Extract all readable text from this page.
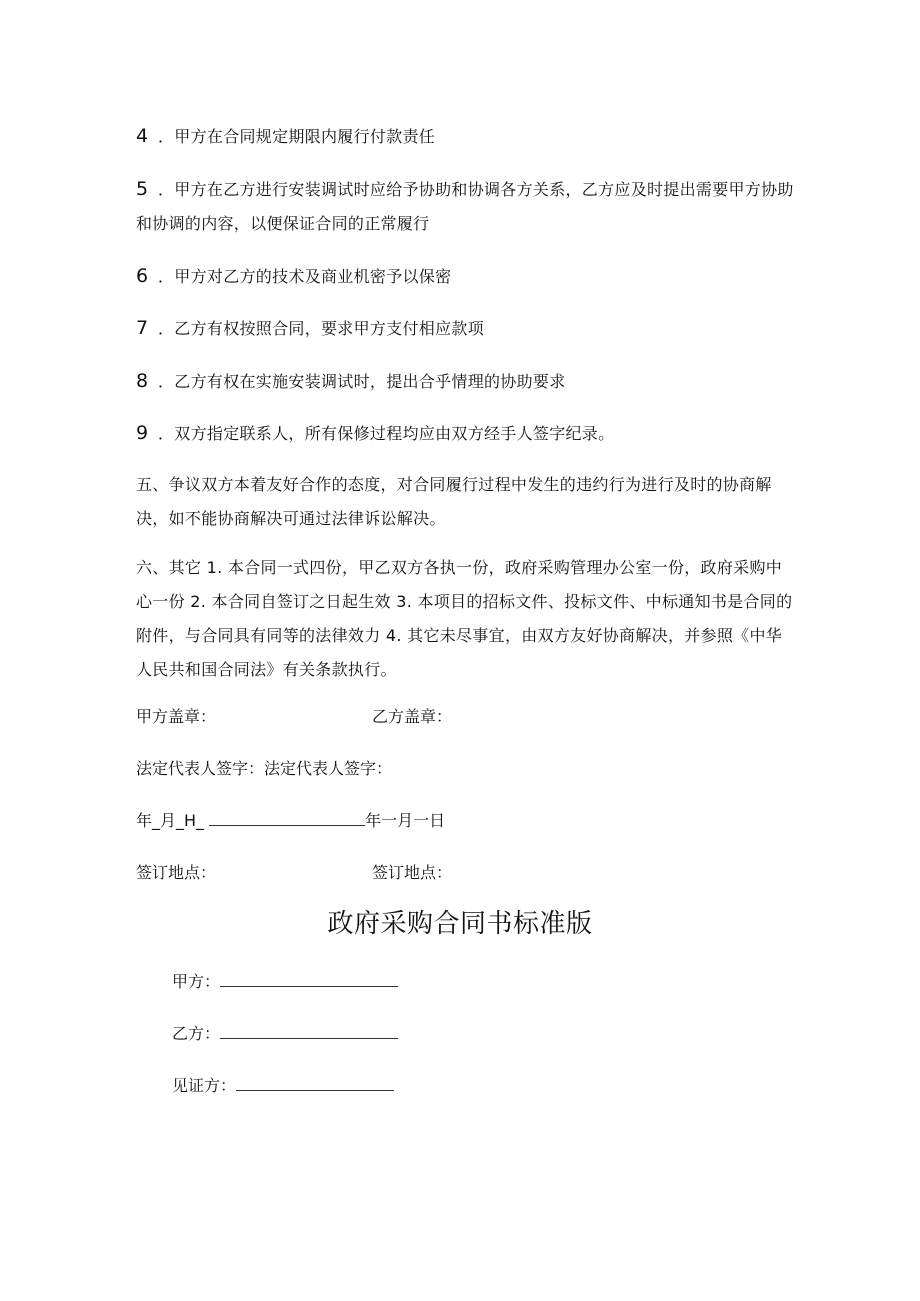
4 ．甲方在合同规定期限内履行付款责任
5 ．甲方在乙方进行安装调试时应给予协助和协调各方关系，乙方应及时提出需要甲方协助和协调的内容，以便保证合同的正常履行
6 ．甲方对乙方的技术及商业机密予以保密
7 ．乙方有权按照合同，要求甲方支付相应款项
8 ．乙方有权在实施安装调试时，提出合乎情理的协助要求
9 ．双方指定联系人，所有保修过程均应由双方经手人签字纪录。
五、争议双方本着友好合作的态度，对合同履行过程中发生的违约行为进行及时的协商解决，如不能协商解决可通过法律诉讼解决。
六、其它 1. 本合同一式四份，甲乙双方各执一份，政府采购管理办公室一份，政府采购中心一份 2. 本合同自签订之日起生效 3. 本项目的招标文件、投标文件、中标通知书是合同的附件，与合同具有同等的法律效力 4. 其它未尽事宜，由双方友好协商解决，并参照《中华人民共和国合同法》有关条款执行。
甲方盖章：	乙方盖章：
法定代表人签字：法定代表人签字：
年_月_H_	年一月一日
签订地点：	签订地点：
政府采购合同书标准版
甲方：
乙方：
见证方：
